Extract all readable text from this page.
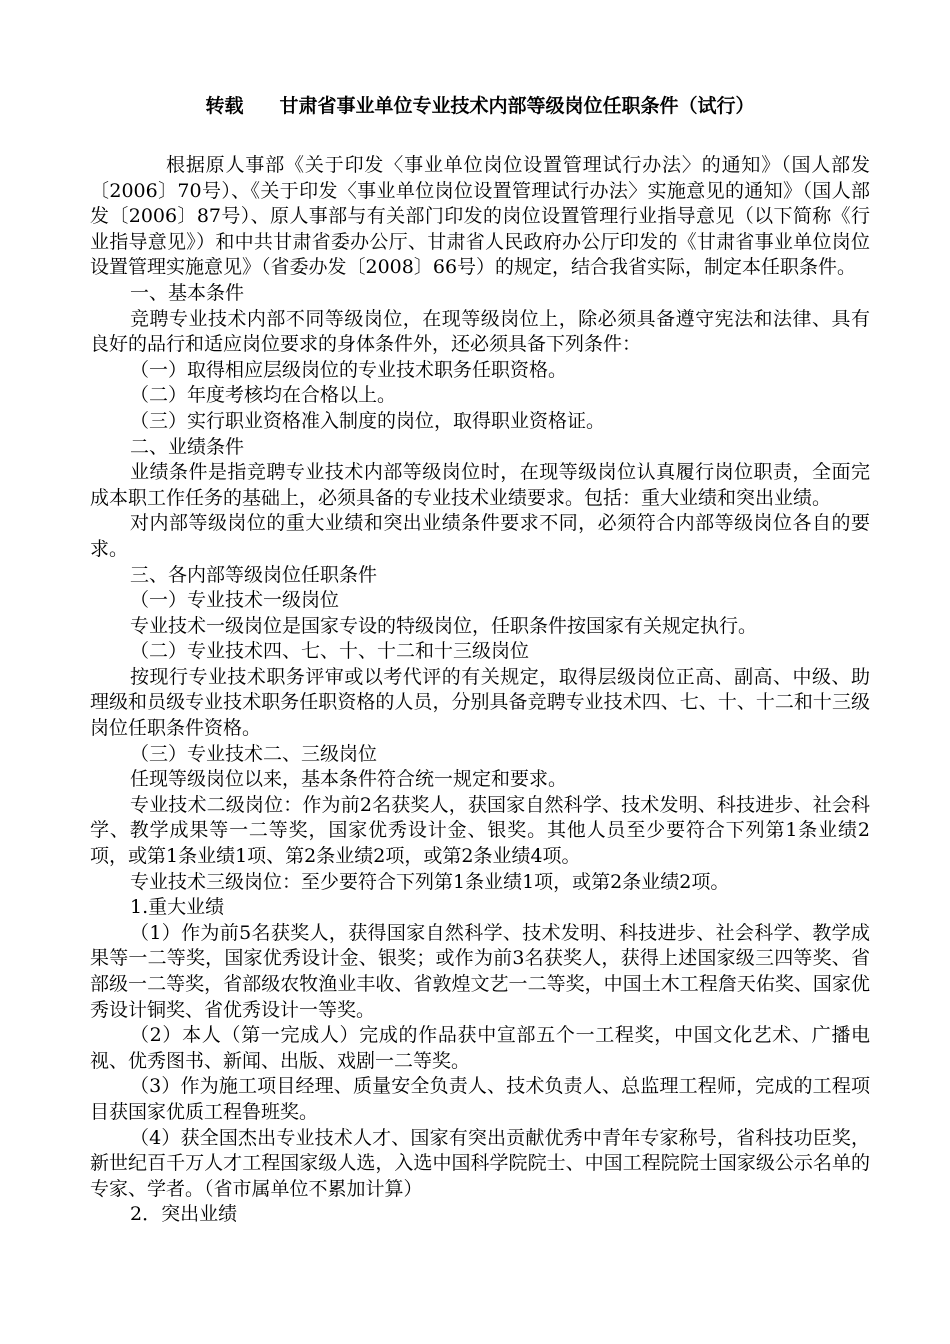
转载 甘肃省事业单位专业技术内部等级岗位任职条件（试行）

根据原人事部《关于印发〈事业单位岗位设置管理试行办法〉的通知》（国人部发〔2006〕70号）、《关于印发〈事业单位岗位设置管理试行办法〉实施意见的通知》（国人部发〔2006〕87号）、原人事部与有关部门印发的岗位设置管理行业指导意见（以下简称《行业指导意见》）和中共甘肃省委办公厅、甘肃省人民政府办公厅印发的《甘肃省事业单位岗位设置管理实施意见》（省委办发〔2008〕66号）的规定，结合我省实际，制定本任职条件。

一、基本条件

竞聘专业技术内部不同等级岗位，在现等级岗位上，除必须具备遵守宪法和法律、具有良好的品行和适应岗位要求的身体条件外，还必须具备下列条件：

（一）取得相应层级岗位的专业技术职务任职资格。

（二）年度考核均在合格以上。

（三）实行职业资格准入制度的岗位，取得职业资格证。

二、业绩条件

业绩条件是指竞聘专业技术内部等级岗位时，在现等级岗位认真履行岗位职责，全面完成本职工作任务的基础上，必须具备的专业技术业绩要求。包括：重大业绩和突出业绩。

对内部等级岗位的重大业绩和突出业绩条件要求不同，必须符合内部等级岗位各自的要求。

三、各内部等级岗位任职条件

（一）专业技术一级岗位

专业技术一级岗位是国家专设的特级岗位，任职条件按国家有关规定执行。

（二）专业技术四、七、十、十二和十三级岗位

按现行专业技术职务评审或以考代评的有关规定，取得层级岗位正高、副高、中级、助理级和员级专业技术职务任职资格的人员，分别具备竞聘专业技术四、七、十、十二和十三级岗位任职条件资格。

（三）专业技术二、三级岗位

任现等级岗位以来，基本条件符合统一规定和要求。

专业技术二级岗位：作为前2名获奖人，获国家自然科学、技术发明、科技进步、社会科学、教学成果等一二等奖，国家优秀设计金、银奖。其他人员至少要符合下列第1条业绩2项，或第1条业绩1项、第2条业绩2项，或第2条业绩4项。

专业技术三级岗位：至少要符合下列第1条业绩1项，或第2条业绩2项。

1.重大业绩

（1）作为前5名获奖人，获得国家自然科学、技术发明、科技进步、社会科学、教学成果等一二等奖，国家优秀设计金、银奖；或作为前3名获奖人，获得上述国家级三四等奖、省部级一二等奖，省部级农牧渔业丰收、省敦煌文艺一二等奖，中国土木工程詹天佑奖、国家优秀设计铜奖、省优秀设计一等奖。

（2）本人（第一完成人）完成的作品获中宣部五个一工程奖，中国文化艺术、广播电视、优秀图书、新闻、出版、戏剧一二等奖。

（3）作为施工项目经理、质量安全负责人、技术负责人、总监理工程师，完成的工程项目获国家优质工程鲁班奖。

（4）获全国杰出专业技术人才、国家有突出贡献优秀中青年专家称号，省科技功臣奖，新世纪百千万人才工程国家级人选，入选中国科学院院士、中国工程院院士国家级公示名单的专家、学者。（省市属单位不累加计算）

2．突出业绩
